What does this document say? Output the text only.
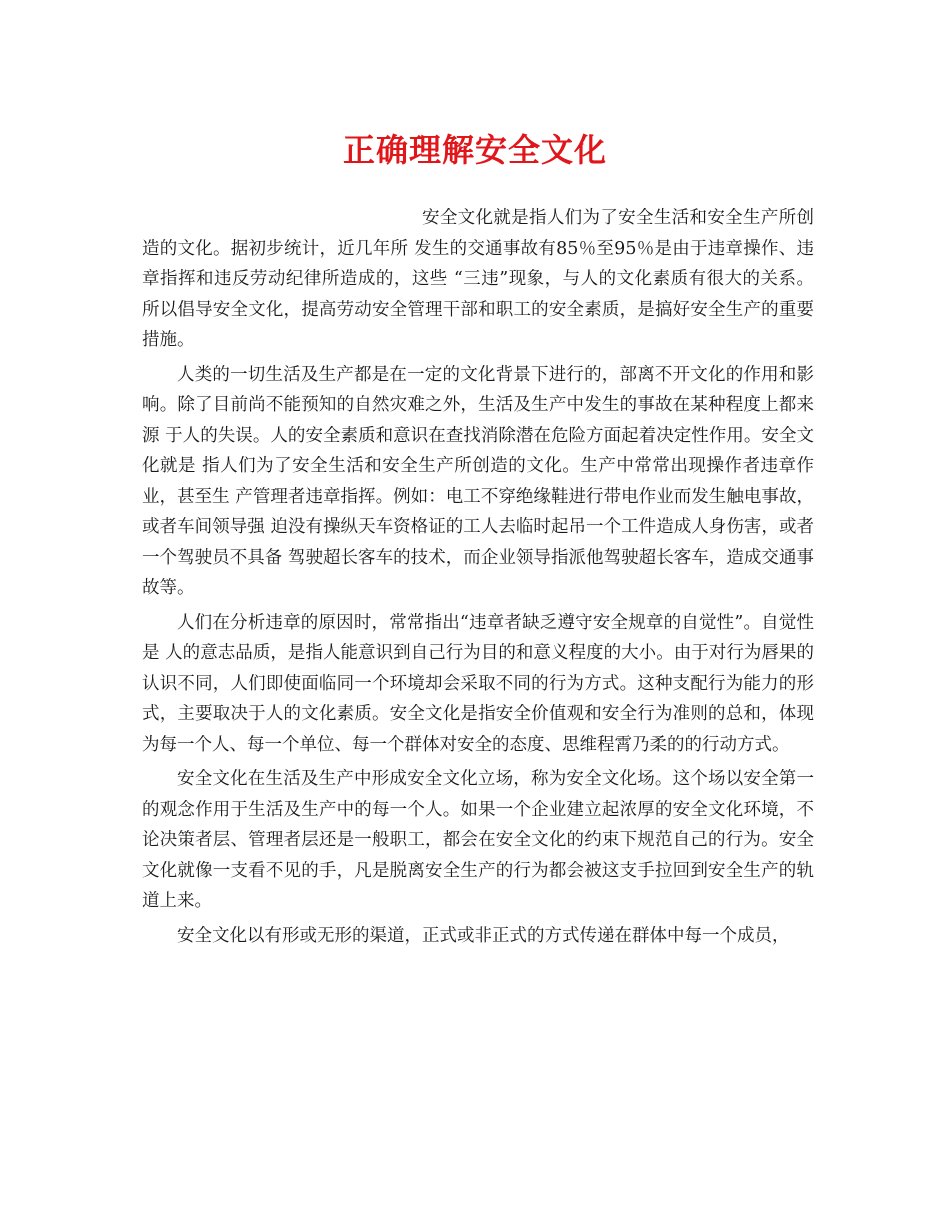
正确理解安全文化

安全文化就是指人们为了安全生活和安全生产所创造的文化。据初步统计，近几年所 发生的交通事故有85％至95％是由于违章操作、违章指挥和违反劳动纪律所造成的，这些 “三违”现象，与人的文化素质有很大的关系。 所以倡导安全文化，提高劳动安全管理干部和职工的安全素质，是搞好安全生产的重要措施。

人类的一切生活及生产都是在一定的文化背景下进行的，部离不开文化的作用和影 响。除了目前尚不能预知的自然灾难之外，生活及生产中发生的事故在某种程度上都来源 于人的失误。人的安全素质和意识在查找消除潜在危险方面起着决定性作用。安全文化就是 指人们为了安全生活和安全生产所创造的文化。生产中常常出现操作者违章作业，甚至生 产管理者违章指挥。例如：电工不穿绝缘鞋进行带电作业而发生触电事故，或者车间领导强 迫没有操纵天车资格证的工人去临时起吊一个工件造成人身伤害，或者一个驾驶员不具备 驾驶超长客车的技术，而企业领导指派他驾驶超长客车，造成交通事故等。

人们在分析违章的原因时，常常指出“违章者缺乏遵守安全规章的自觉性”。自觉性是 人的意志品质，是指人能意识到自己行为目的和意义程度的大小。由于对行为唇果的认识不同，人们即使面临同一个环境却会采取不同的行为方式。这种支配行为能力的形式，主要取决于人的文化素质。安全文化是指安全价值观和安全行为准则的总和，体现为每一个人、每一个单位、每一个群体对安全的态度、思维程霄乃柔的的行动方式。

安全文化在生活及生产中形成安全文化立场，称为安全文化场。这个场以安全第一的观念作用于生活及生产中的每一个人。如果一个企业建立起浓厚的安全文化环境，不论决策者层、管理者层还是一般职工，都会在安全文化的约束下规范自己的行为。安全文化就像一支看不见的手，凡是脱离安全生产的行为都会被这支手拉回到安全生产的轨道上来。

安全文化以有形或无形的渠道，正式或非正式的方式传递在群体中每一个成员，
